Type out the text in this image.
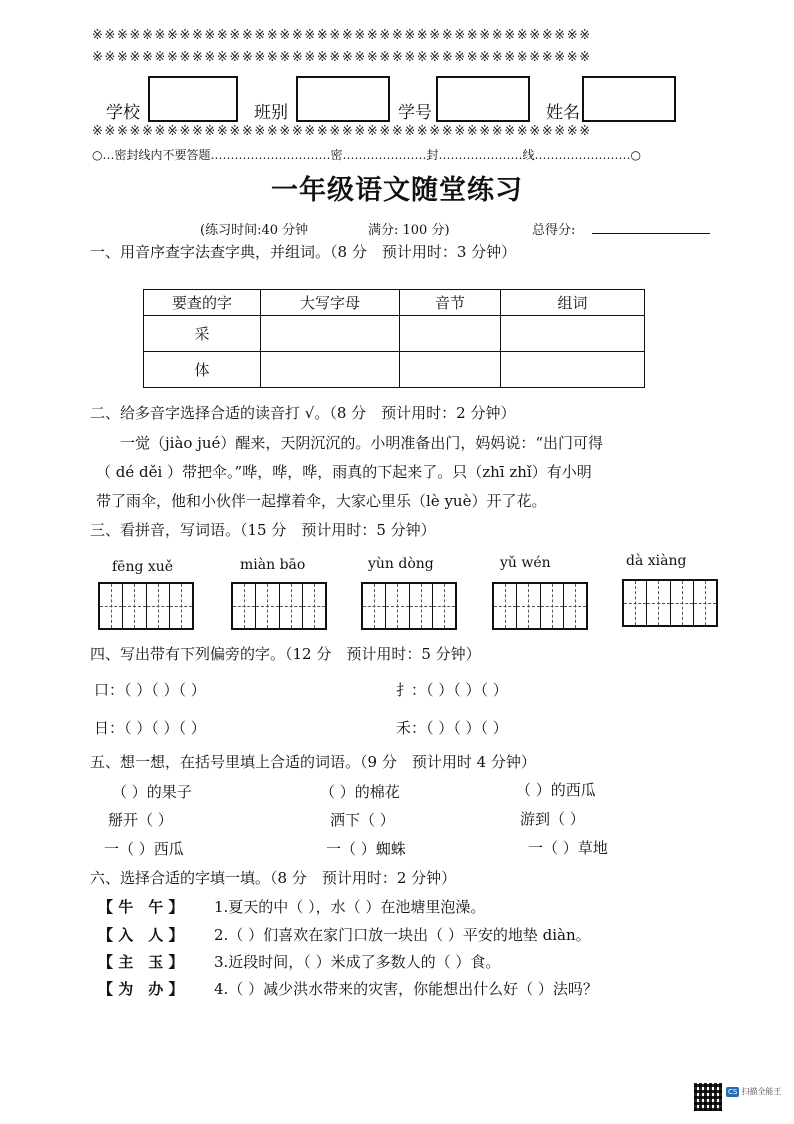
※※※※※※※※※※※※※※※※※※※※※※※※※※※※※※※※※※※※※※※※
※※※※※※※※※※※※※※※※※※※※※※※※※※※※※※※※※※※※※※※※
学校	班别	学号	姓名
※※※※※※※※※※※※※※※※※※※※※※※※※※※※※※※※※※※※※※※※
○…密封线内不要答题…………………………密…………………封…………………线……………………○
一年级语文随堂练习
(练习时间:40 分钟	满分: 100 分)	总得分:
一、用音序查字法查字典，并组词。（8 分　预计用时：3 分钟）
要查的字	大写字母	音节	组词
采			
体			
二、给多音字选择合适的读音打 √。（8 分　预计用时：2 分钟）
一觉（jiào jué）醒来，天阴沉沉的。小明准备出门，妈妈说：“出门可得
（ dé děi ）带把伞。”哗，哗，哗，雨真的下起来了。只（zhī zhǐ）有小明
带了雨伞，他和小伙伴一起撑着伞，大家心里乐（lè yuè）开了花。
三、看拼音，写词语。（15 分　预计用时：5 分钟）
fēng xuě	miàn bāo	yùn dòng	yǔ wén	dà xiàng
四、写出带有下列偏旁的字。（12 分　预计用时：5 分钟）
口：（ ）（ ）（ ）	扌：（ ）（ ）（ ）
日：（ ）（ ）（ ）	禾：（ ）（ ）（ ）
五、想一想，在括号里填上合适的词语。（9 分　预计用时 4 分钟）
（ ）的果子	（ ）的棉花	（ ）的西瓜
掰开（ ）	洒下（ ）	游到（ ）
一（ ）西瓜	一（ ）蜘蛛	一（ ）草地
六、选择合适的字填一填。（8 分　预计用时：2 分钟）
【 牛　午 】 1.夏天的中（ ），水（ ）在池塘里泡澡。
【 入　人 】 2.（ ）们喜欢在家门口放一块出（ ）平安的地垫 diàn。
【 主　玉 】 3.近段时间，（ ）米成了多数人的（ ）食。
【 为　办 】 4.（ ）减少洪水带来的灾害，你能想出什么好（ ）法吗？
CS 扫描全能王
